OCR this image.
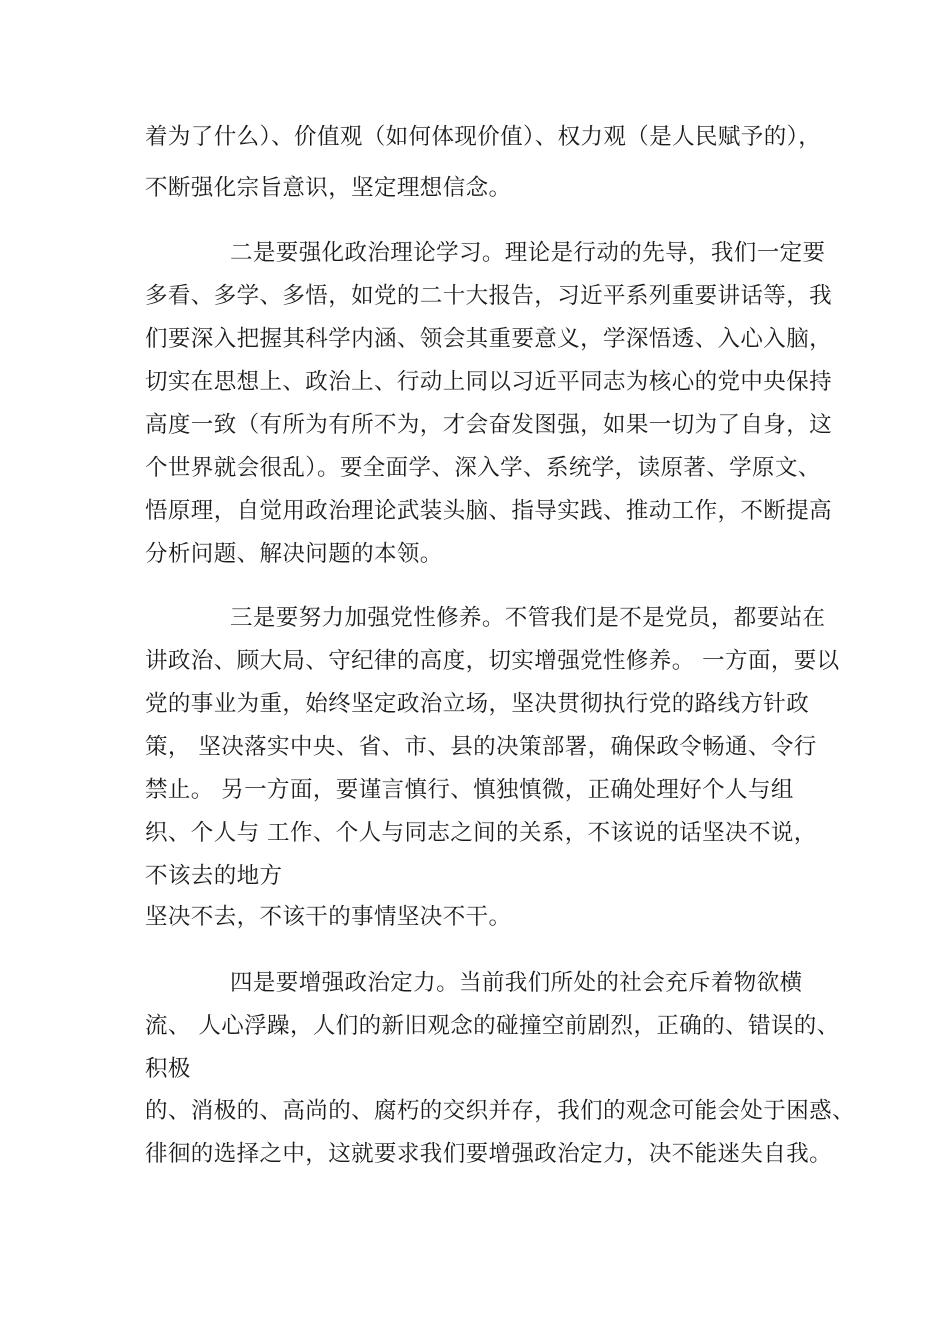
着为了什么）、价值观（如何体现价值）、权力观（是人民赋予的），
不断强化宗旨意识，坚定理想信念。
二是要强化政治理论学习。理论是行动的先导，我们一定要
多看、多学、多悟，如党的二十大报告，习近平系列重要讲话等，我
们要深入把握其科学内涵、领会其重要意义，学深悟透、入心入脑，
切实在思想上、政治上、行动上同以习近平同志为核心的党中央保持
高度一致（有所为有所不为，才会奋发图强，如果一切为了自身，这
个世界就会很乱）。要全面学、深入学、系统学，读原著、学原文、
悟原理，自觉用政治理论武装头脑、指导实践、推动工作，不断提高
分析问题、解决问题的本领。
三是要努力加强党性修养。不管我们是不是党员，都要站在
讲政治、顾大局、守纪律的高度，切实增强党性修养。 一方面，要以
党的事业为重，始终坚定政治立场，坚决贯彻执行党的路线方针政
策， 坚决落实中央、省、市、县的决策部署，确保政令畅通、令行
禁止。 另一方面，要谨言慎行、慎独慎微，正确处理好个人与组
织、个人与 工作、个人与同志之间的关系，不该说的话坚决不说，
不该去的地方
坚决不去，不该干的事情坚决不干。
四是要增强政治定力。当前我们所处的社会充斥着物欲横
流、 人心浮躁，人们的新旧观念的碰撞空前剧烈，正确的、错误的、
积极
的、消极的、高尚的、腐朽的交织并存，我们的观念可能会处于困惑、
徘徊的选择之中，这就要求我们要增强政治定力，决不能迷失自我。
